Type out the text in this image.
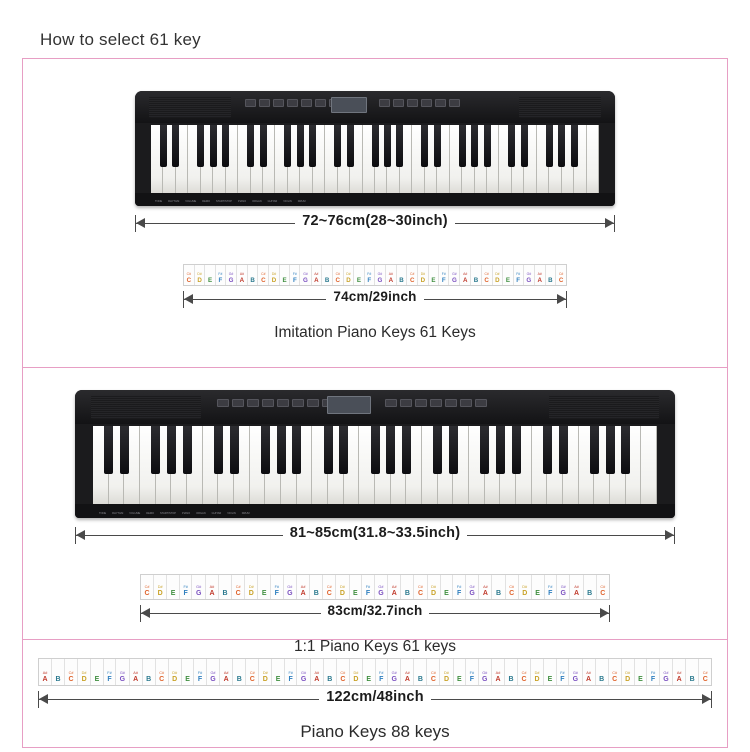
How to select 61 key
TONE RHYTHM VOLUME DEMO START/STOP PIANO ORGAN GUITAR VIOLIN DRUM
72~76cm(28~30inch)
C#
C
D#
D E
F#
F
G#
G
A#
A B
C#
C
D#
D E
F#
F
G#
G
A#
A B
C#
C
D#
D E
F#
F
G#
G
A#
A B
C#
C
D#
D E
F#
F
G#
G
A#
A B
C#
C
D#
D E
F#
F
G#
G
A#
A B
C#
C
74cm/29inch
Imitation Piano Keys 61 Keys
TONE RHYTHM VOLUME DEMO START/STOP PIANO ORGAN GUITAR VIOLIN DRUM
81~85cm(31.8~33.5inch)
C#
C
D#
D E
F#
F
G#
G
A#
A B
C#
C
D#
D E
F#
F
G#
G
A#
A B
C#
C
D#
D E
F#
F
G#
G
A#
A B
C#
C
D#
D E
F#
F
G#
G
A#
A B
C#
C
D#
D E
F#
F
G#
G
A#
A B
C#
C
83cm/32.7inch
1:1 Piano Keys 61 keys
A#
A B
C#
C
D#
D E
F#
F
G#
G
A#
A B
C#
C
D#
D E
F#
F
G#
G
A#
A B
C#
C
D#
D E
F#
F
G#
G
A#
A B
C#
C
D#
D E
F#
F
G#
G
A#
A B
C#
C
D#
D E
F#
F
G#
G
A#
A B
C#
C
D#
D E
F#
F
G#
G
A#
A B
C#
C
D#
D E
F#
F
G#
G
A#
A B
C#
C
122cm/48inch
Piano Keys 88 keys
